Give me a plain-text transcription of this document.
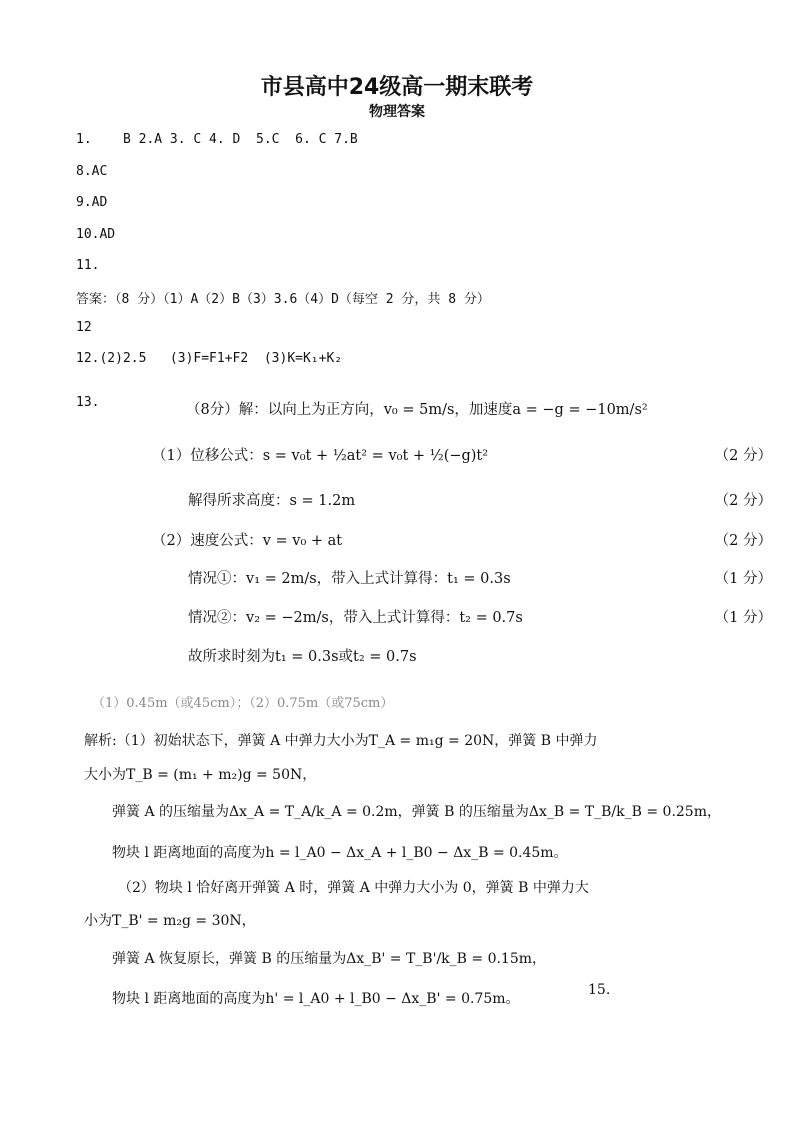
市县高中24级高一期末联考
物理答案
1.    B 2.A 3. C 4. D  5.C  6. C 7.B
8.AC
9.AD
10.AD
11.
答案：（8 分）（1）A（2）B（3）3.6（4）D（每空 2 分，共 8 分）
12
12.(2)2.5   (3)F=F1+F2  (3)K=K₁+K₂
13.	（8分）解：以向上为正方向，v₀ = 5m/s，加速度a = −g = −10m/s²
（1）位移公式：s = v₀t + ½at² = v₀t + ½(−g)t²	（2 分）
解得所求高度：s = 1.2m	（2 分）
（2）速度公式：v = v₀ + at	（2 分）
情况①：v₁ = 2m/s，带入上式计算得：t₁ = 0.3s	（1 分）
情况②：v₂ = −2m/s，带入上式计算得：t₂ = 0.7s	（1 分）
故所求时刻为t₁ = 0.3s或t₂ = 0.7s
（1）0.45m（或45cm）；（2）0.75m（或75cm）
解析:（1）初始状态下，弹簧 A 中弹力大小为T_A = m₁g = 20N，弹簧 B 中弹力
大小为T_B = (m₁ + m₂)g = 50N，
弹簧 A 的压缩量为Δx_A = T_A/k_A = 0.2m，弹簧 B 的压缩量为Δx_B = T_B/k_B = 0.25m，
物块 l 距离地面的高度为h = l_A0 − Δx_A + l_B0 − Δx_B = 0.45m。
（2）物块 l 恰好离开弹簧 A 时，弹簧 A 中弹力大小为 0，弹簧 B 中弹力大
小为T_B' = m₂g = 30N，
弹簧 A 恢复原长，弹簧 B 的压缩量为Δx_B' = T_B'/k_B = 0.15m，
物块 l 距离地面的高度为h' = l_A0 + l_B0 − Δx_B' = 0.75m。
15.
